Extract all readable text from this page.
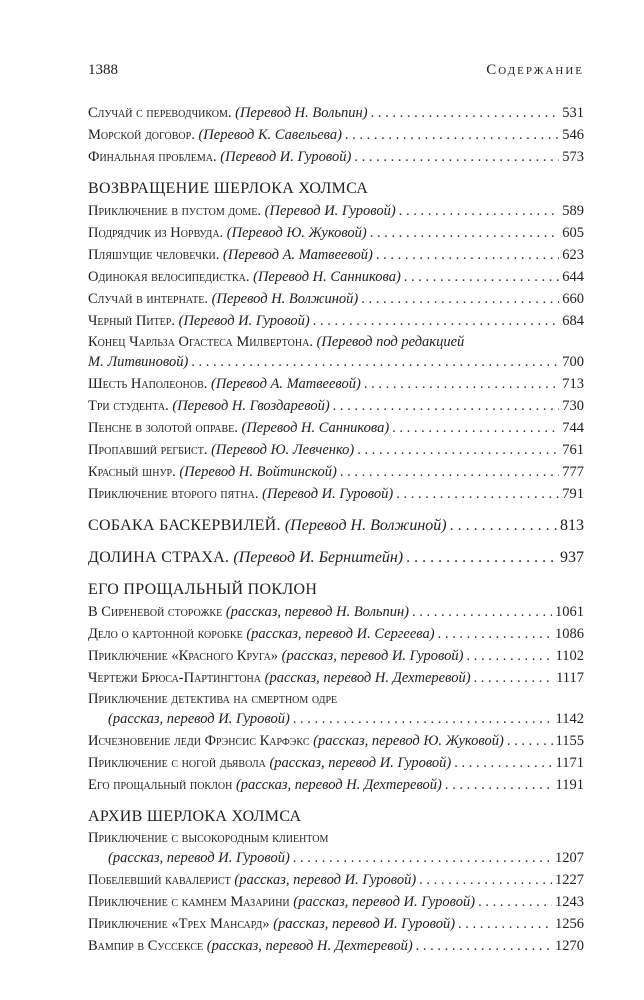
1388	Содержание
Случай с переводчиком. (Перевод Н. Вольпин) . . .	531
Морской договор. (Перевод К. Савельева) . . .	546
Финальная проблема. (Перевод И. Гуровой) . . .	573
ВОЗВРАЩЕНИЕ ШЕРЛОКА ХОЛМСА
Приключение в пустом доме. (Перевод И. Гуровой) . . .	589
Подрядчик из Норвуда. (Перевод Ю. Жуковой) . . .	605
Пляшущие человечки. (Перевод А. Матвеевой) . . .	623
Одинокая велосипедистка. (Перевод Н. Санникова) . . .	644
Случай в интернате. (Перевод Н. Волжиной) . . .	660
Черный Питер. (Перевод И. Гуровой) . . .	684
Конец Чарльза Огастеса Милвертона. (Перевод под редакцией
М. Литвиновой) . . .	700
Шесть Наполеонов. (Перевод А. Матвеевой) . . .	713
Три студента. (Перевод Н. Гвоздаревой) . . .	730
Пенсне в золотой оправе. (Перевод Н. Санникова) . . .	744
Пропавший регбист. (Перевод Ю. Левченко) . . .	761
Красный шнур. (Перевод Н. Войтинской) . . .	777
Приключение второго пятна. (Перевод И. Гуровой) . . .	791
СОБАКА БАСКЕРВИЛЕЙ. (Перевод Н. Волжиной) . . .	813
ДОЛИНА СТРАХА. (Перевод И. Бернштейн) . . .	937
ЕГО ПРОЩАЛЬНЫЙ ПОКЛОН
В Сиреневой сторожке (рассказ, перевод Н. Вольпин) . . .	1061
Дело о картонной коробке (рассказ, перевод И. Сергеева) . . .	1086
Приключение «Красного Круга» (рассказ, перевод И. Гуровой) . . .	1102
Чертежи Брюса-Партингтона (рассказ, перевод Н. Дехтеревой) . . .	1117
Приключение детектива на смертном одре
(рассказ, перевод И. Гуровой) . . .	1142
Исчезновение леди Фрэнсис Карфэкс (рассказ, перевод Ю. Жуковой) . . .	1155
Приключение с ногой дьявола (рассказ, перевод И. Гуровой) . . .	1171
Его прощальный поклон (рассказ, перевод Н. Дехтеревой) . . .	1191
АРХИВ ШЕРЛОКА ХОЛМСА
Приключение с высокородным клиентом
(рассказ, перевод И. Гуровой) . . .	1207
Побелевший кавалерист (рассказ, перевод И. Гуровой) . . .	1227
Приключение с камнем Мазарини (рассказ, перевод И. Гуровой) . . .	1243
Приключение «Трех Мансард» (рассказ, перевод И. Гуровой) . . .	1256
Вампир в Суссексе (рассказ, перевод Н. Дехтеревой) . . .	1270
